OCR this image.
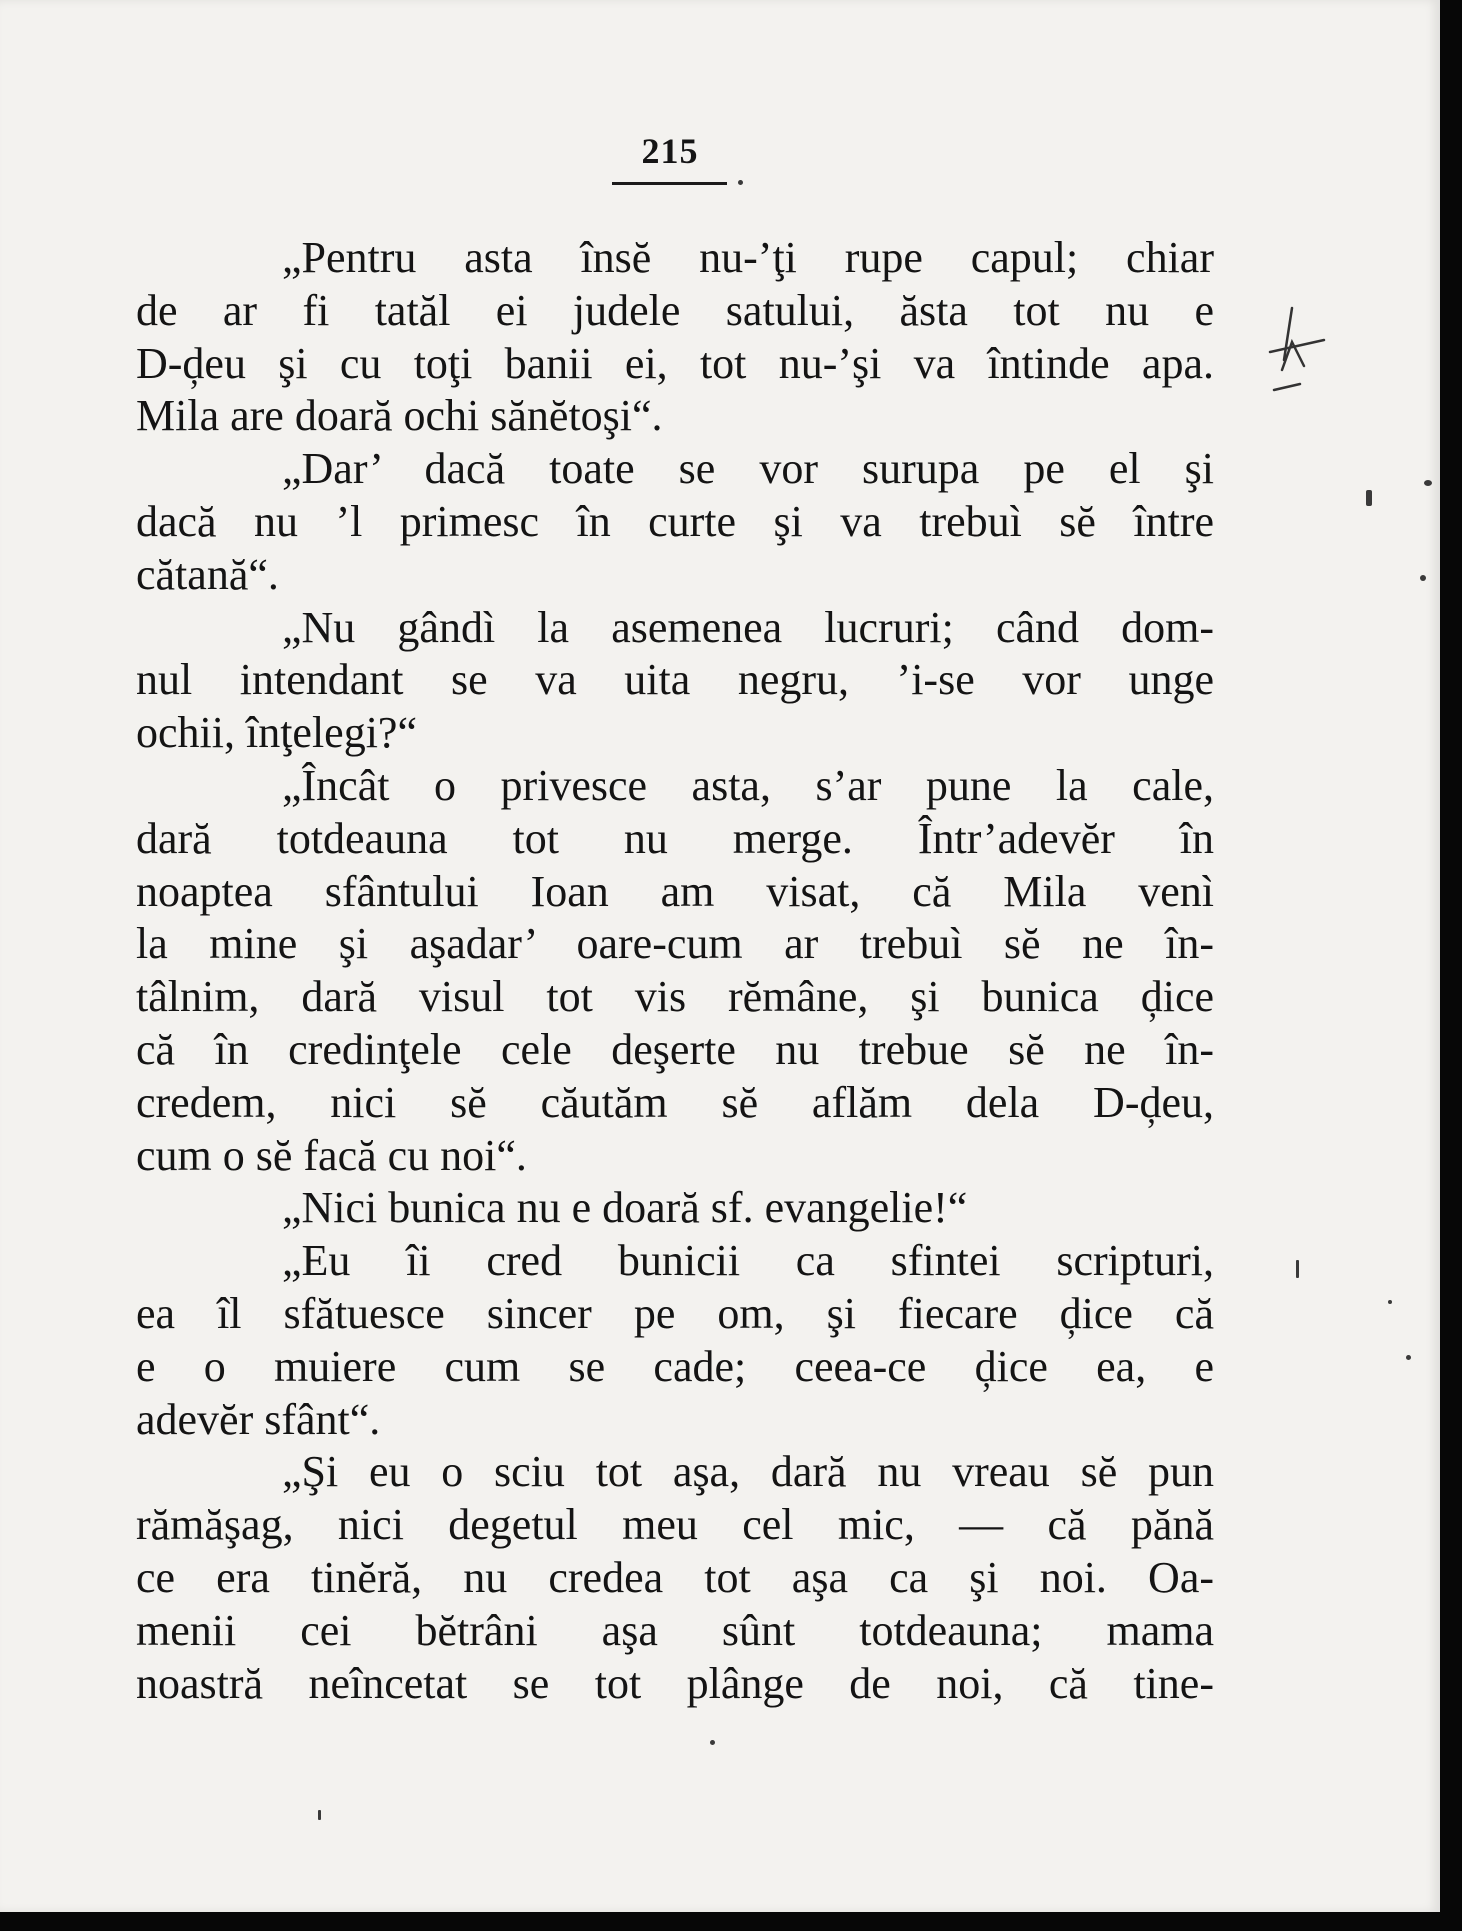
215
„Pentru asta însĕ nu-’ţi rupe capul; chiar
de ar fi tatăl ei judele satului, ăsta tot nu e
D-ḑeu şi cu toţi banii ei, tot nu-’şi va întinde apa.
Mila are doară ochi sănĕtoşi“.
„Dar’ dacă toate se vor surupa pe el şi
dacă nu ’l primesc în curte şi va trebuì sĕ între
cătană“.
„Nu gândì la asemenea lucruri; când dom-
nul intendant se va uita negru, ’i-se vor unge
ochii, înţelegi?“
„Încât o privesce asta, s’ar pune la cale,
dară totdeauna tot nu merge. Într’adevĕr în
noaptea sfântului Ioan am visat, că Mila venì
la mine şi aşadar’ oare-cum ar trebuì sĕ ne în-
tâlnim, dară visul tot vis rĕmâne, şi bunica ḑice
că în credinţele cele deşerte nu trebue sĕ ne în-
credem, nici sĕ căutăm sĕ aflăm dela D-ḑeu,
cum o sĕ facă cu noi“.
„Nici bunica nu e doară sf. evangelie!“
„Eu îi cred bunicii ca sfintei scripturi,
ea îl sfătuesce sincer pe om, şi fiecare ḑice că
e o muiere cum se cade; ceea-ce ḑice ea, e
adevĕr sfânt“.
„Şi eu o sciu tot aşa, dară nu vreau sĕ pun
rămăşag, nici degetul meu cel mic, — că pănă
ce era tinĕră, nu credea tot aşa ca şi noi. Oa-
menii cei bĕtrâni aşa sûnt totdeauna; mama
noastră neîncetat se tot plânge de noi, că tine-
